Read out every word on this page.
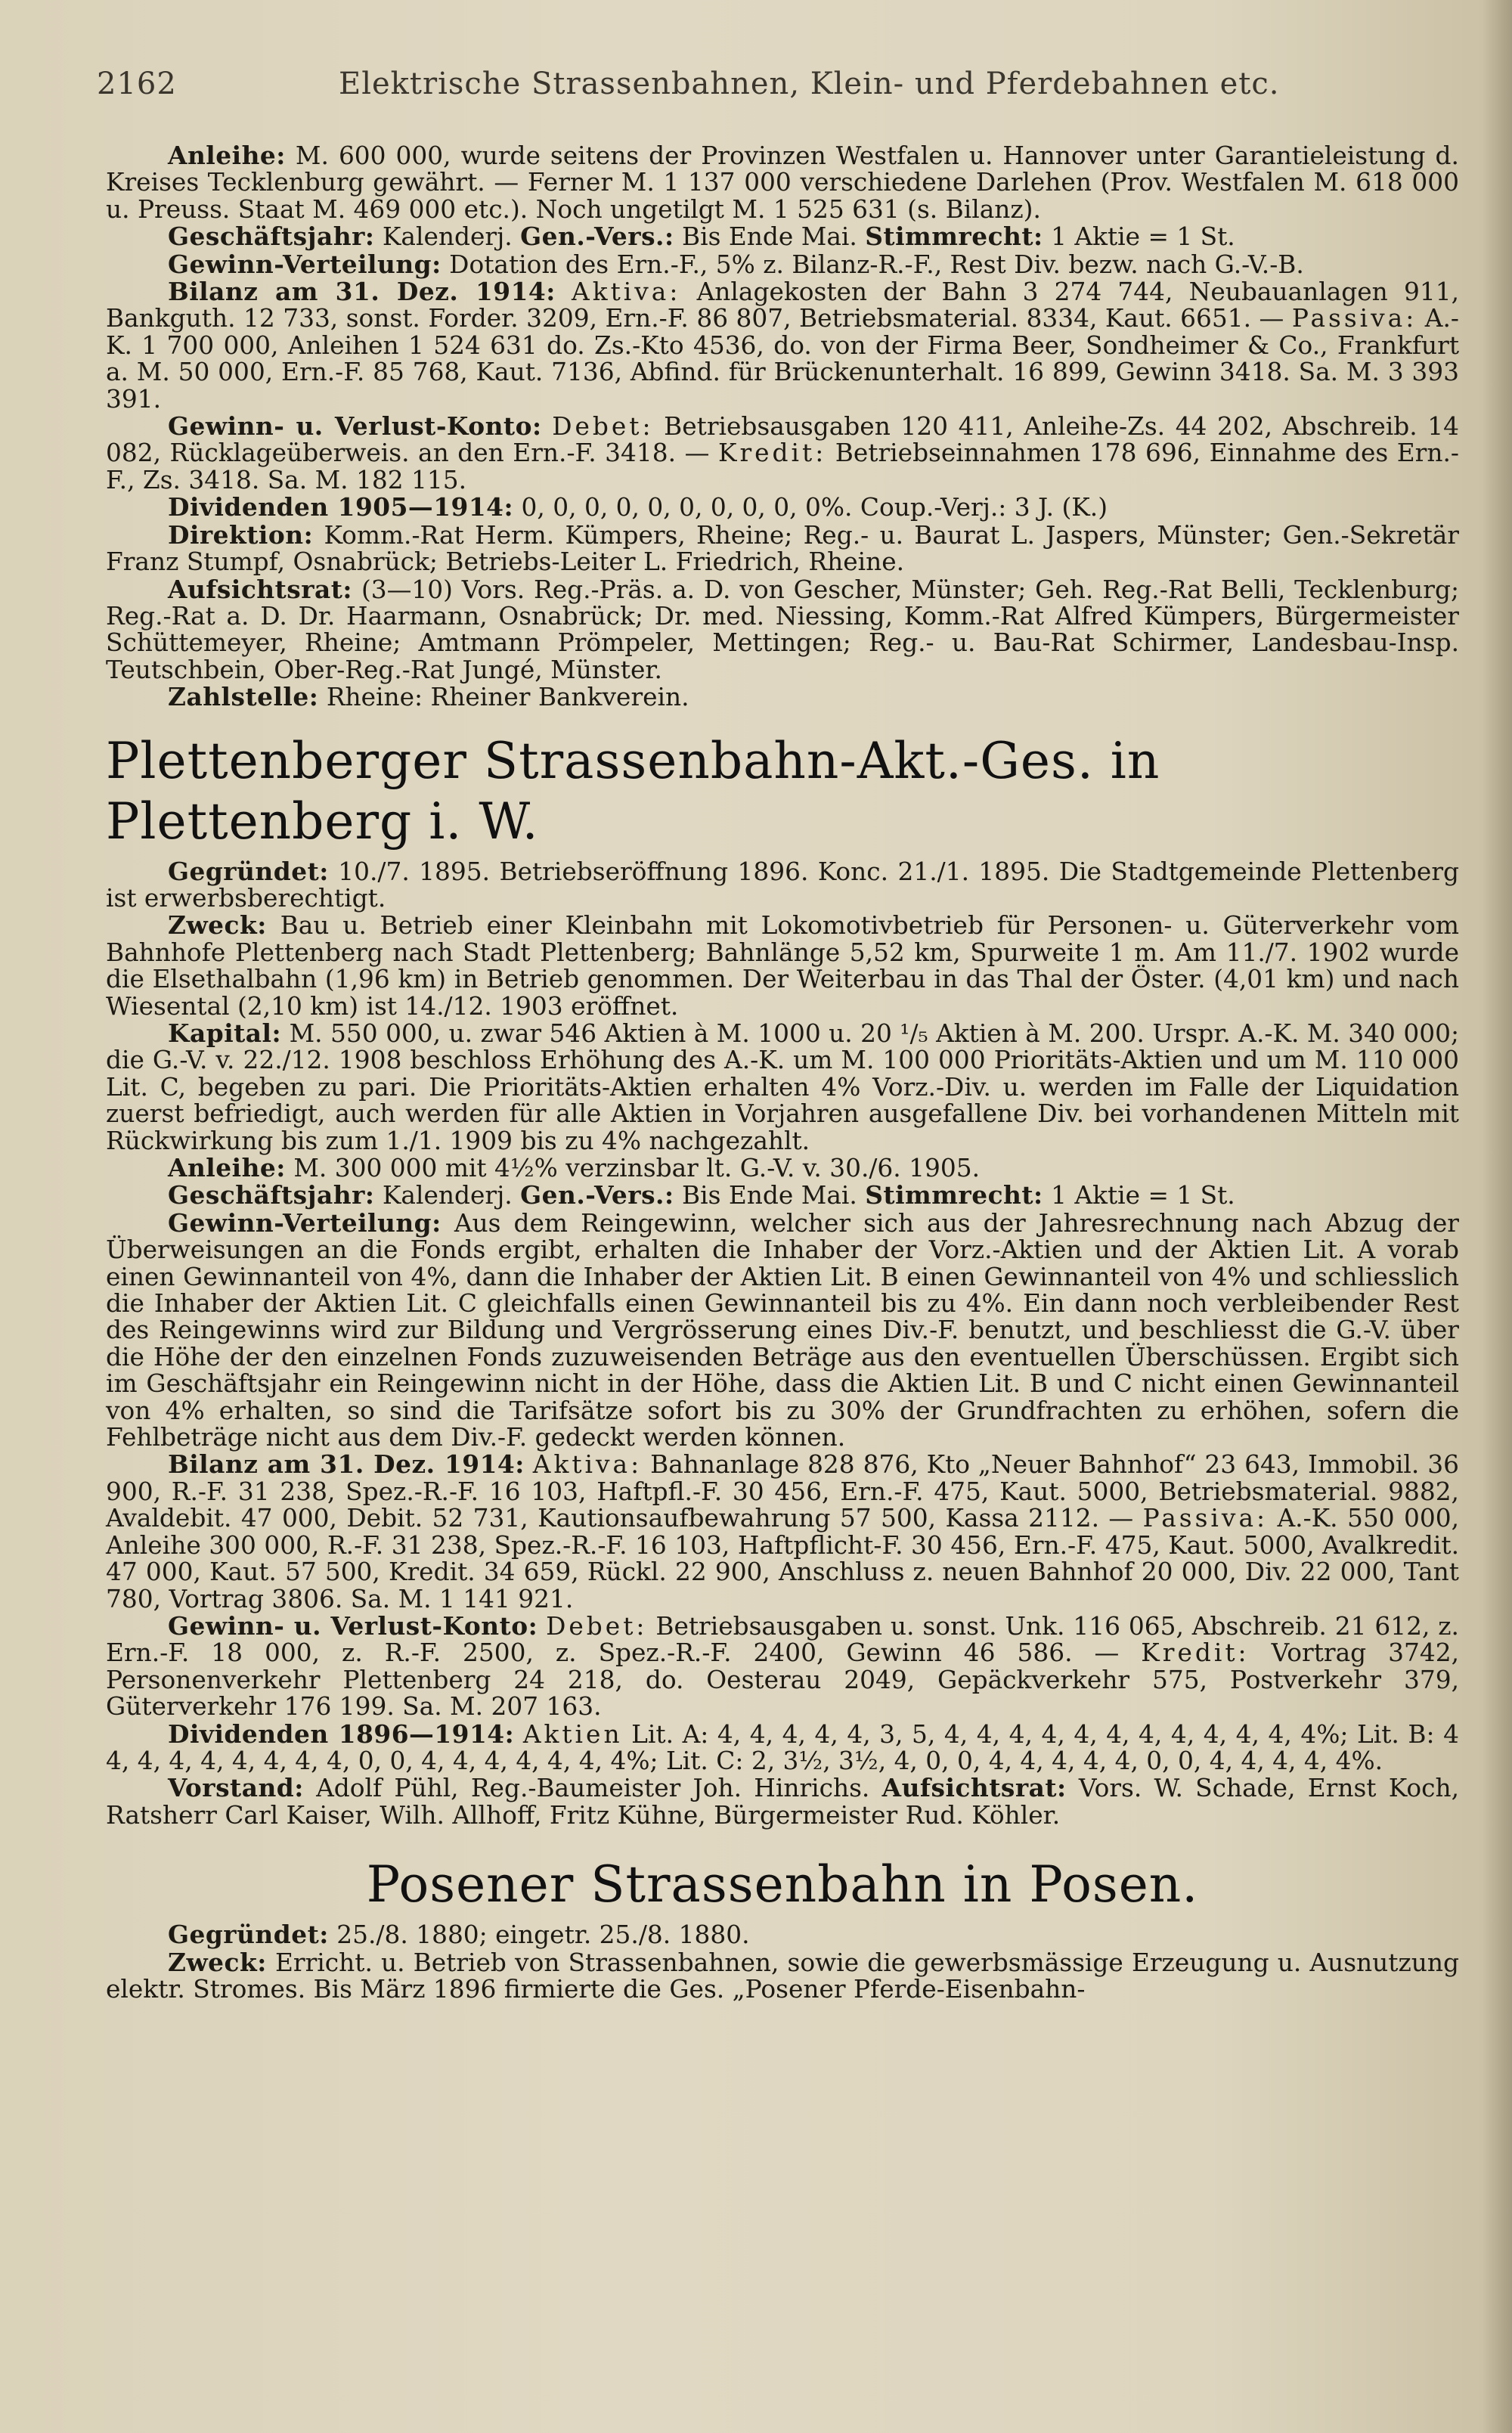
2162	Elektrische Strassenbahnen, Klein- und Pferdebahnen etc.

Anleihe: M. 600 000, wurde seitens der Provinzen Westfalen u. Hannover unter Garantieleistung d. Kreises Tecklenburg gewährt. — Ferner M. 1 137 000 verschiedene Darlehen (Prov. Westfalen M. 618 000 u. Preuss. Staat M. 469 000 etc.). Noch ungetilgt M. 1 525 631 (s. Bilanz).

Geschäftsjahr: Kalenderj. Gen.-Vers.: Bis Ende Mai. Stimmrecht: 1 Aktie = 1 St.

Gewinn-Verteilung: Dotation des Ern.-F., 5% z. Bilanz-R.-F., Rest Div. bezw. nach G.-V.-B.

Bilanz am 31. Dez. 1914: Aktiva: Anlagekosten der Bahn 3 274 744, Neubauanlagen 911, Bankguth. 12 733, sonst. Forder. 3209, Ern.-F. 86 807, Betriebsmaterial. 8334, Kaut. 6651. — Passiva: A.-K. 1 700 000, Anleihen 1 524 631 do. Zs.-Kto 4536, do. von der Firma Beer, Sondheimer & Co., Frankfurt a. M. 50 000, Ern.-F. 85 768, Kaut. 7136, Abfind. für Brückenunterhalt. 16 899, Gewinn 3418. Sa. M. 3 393 391.

Gewinn- u. Verlust-Konto: Debet: Betriebsausgaben 120 411, Anleihe-Zs. 44 202, Abschreib. 14 082, Rücklageüberweis. an den Ern.-F. 3418. — Kredit: Betriebseinnahmen 178 696, Einnahme des Ern.-F., Zs. 3418. Sa. M. 182 115.

Dividenden 1905—1914: 0, 0, 0, 0, 0, 0, 0, 0, 0, 0%. Coup.-Verj.: 3 J. (K.)

Direktion: Komm.-Rat Herm. Kümpers, Rheine; Reg.- u. Baurat L. Jaspers, Münster; Gen.-Sekretär Franz Stumpf, Osnabrück; Betriebs-Leiter L. Friedrich, Rheine.

Aufsichtsrat: (3—10) Vors. Reg.-Präs. a. D. von Gescher, Münster; Geh. Reg.-Rat Belli, Tecklenburg; Reg.-Rat a. D. Dr. Haarmann, Osnabrück; Dr. med. Niessing, Komm.-Rat Alfred Kümpers, Bürgermeister Schüttemeyer, Rheine; Amtmann Prömpeler, Mettingen; Reg.- u. Bau-Rat Schirmer, Landesbau-Insp. Teutschbein, Ober-Reg.-Rat Jungé, Münster.

Zahlstelle: Rheine: Rheiner Bankverein.

Plettenberger Strassenbahn-Akt.-Ges. in Plettenberg i. W.

Gegründet: 10./7. 1895. Betriebseröffnung 1896. Konc. 21./1. 1895. Die Stadtgemeinde Plettenberg ist erwerbsberechtigt.

Zweck: Bau u. Betrieb einer Kleinbahn mit Lokomotivbetrieb für Personen- u. Güterverkehr vom Bahnhofe Plettenberg nach Stadt Plettenberg; Bahnlänge 5,52 km, Spurweite 1 m. Am 11./7. 1902 wurde die Elsethalbahn (1,96 km) in Betrieb genommen. Der Weiterbau in das Thal der Öster. (4,01 km) und nach Wiesental (2,10 km) ist 14./12. 1903 eröffnet.

Kapital: M. 550 000, u. zwar 546 Aktien à M. 1000 u. 20 ¹/₅ Aktien à M. 200. Urspr. A.-K. M. 340 000; die G.-V. v. 22./12. 1908 beschloss Erhöhung des A.-K. um M. 100 000 Prioritäts-Aktien und um M. 110 000 Lit. C, begeben zu pari. Die Prioritäts-Aktien erhalten 4% Vorz.-Div. u. werden im Falle der Liquidation zuerst befriedigt, auch werden für alle Aktien in Vorjahren ausgefallene Div. bei vorhandenen Mitteln mit Rückwirkung bis zum 1./1. 1909 bis zu 4% nachgezahlt.

Anleihe: M. 300 000 mit 4½% verzinsbar lt. G.-V. v. 30./6. 1905.

Geschäftsjahr: Kalenderj. Gen.-Vers.: Bis Ende Mai. Stimmrecht: 1 Aktie = 1 St.

Gewinn-Verteilung: Aus dem Reingewinn, welcher sich aus der Jahresrechnung nach Abzug der Überweisungen an die Fonds ergibt, erhalten die Inhaber der Vorz.-Aktien und der Aktien Lit. A vorab einen Gewinnanteil von 4%, dann die Inhaber der Aktien Lit. B einen Gewinnanteil von 4% und schliesslich die Inhaber der Aktien Lit. C gleichfalls einen Gewinnanteil bis zu 4%. Ein dann noch verbleibender Rest des Reingewinns wird zur Bildung und Vergrösserung eines Div.-F. benutzt, und beschliesst die G.-V. über die Höhe der den einzelnen Fonds zuzuweisenden Beträge aus den eventuellen Überschüssen. Ergibt sich im Geschäftsjahr ein Reingewinn nicht in der Höhe, dass die Aktien Lit. B und C nicht einen Gewinnanteil von 4% erhalten, so sind die Tarifsätze sofort bis zu 30% der Grundfrachten zu erhöhen, sofern die Fehlbeträge nicht aus dem Div.-F. gedeckt werden können.

Bilanz am 31. Dez. 1914: Aktiva: Bahnanlage 828 876, Kto „Neuer Bahnhof“ 23 643, Immobil. 36 900, R.-F. 31 238, Spez.-R.-F. 16 103, Haftpfl.-F. 30 456, Ern.-F. 475, Kaut. 5000, Betriebsmaterial. 9882, Avaldebit. 47 000, Debit. 52 731, Kautionsaufbewahrung 57 500, Kassa 2112. — Passiva: A.-K. 550 000, Anleihe 300 000, R.-F. 31 238, Spez.-R.-F. 16 103, Haftpflicht-F. 30 456, Ern.-F. 475, Kaut. 5000, Avalkredit. 47 000, Kaut. 57 500, Kredit. 34 659, Rückl. 22 900, Anschluss z. neuen Bahnhof 20 000, Div. 22 000, Tant 780, Vortrag 3806. Sa. M. 1 141 921.

Gewinn- u. Verlust-Konto: Debet: Betriebsausgaben u. sonst. Unk. 116 065, Abschreib. 21 612, z. Ern.-F. 18 000, z. R.-F. 2500, z. Spez.-R.-F. 2400, Gewinn 46 586. — Kredit: Vortrag 3742, Personenverkehr Plettenberg 24 218, do. Oesterau 2049, Gepäckverkehr 575, Postverkehr 379, Güterverkehr 176 199. Sa. M. 207 163.

Dividenden 1896—1914: Aktien Lit. A: 4, 4, 4, 4, 4, 3, 5, 4, 4, 4, 4, 4, 4, 4, 4, 4, 4, 4, 4%; Lit. B: 4 4, 4, 4, 4, 4, 4, 4, 4, 0, 0, 4, 4, 4, 4, 4, 4, 4%; Lit. C: 2, 3½, 3½, 4, 0, 0, 4, 4, 4, 4, 4, 0, 0, 4, 4, 4, 4, 4%.

Vorstand: Adolf Pühl, Reg.-Baumeister Joh. Hinrichs. Aufsichtsrat: Vors. W. Schade, Ernst Koch, Ratsherr Carl Kaiser, Wilh. Allhoff, Fritz Kühne, Bürgermeister Rud. Köhler.

Posener Strassenbahn in Posen.

Gegründet: 25./8. 1880; eingetr. 25./8. 1880.

Zweck: Erricht. u. Betrieb von Strassenbahnen, sowie die gewerbsmässige Erzeugung u. Ausnutzung elektr. Stromes. Bis März 1896 firmierte die Ges. „Posener Pferde-Eisenbahn-
